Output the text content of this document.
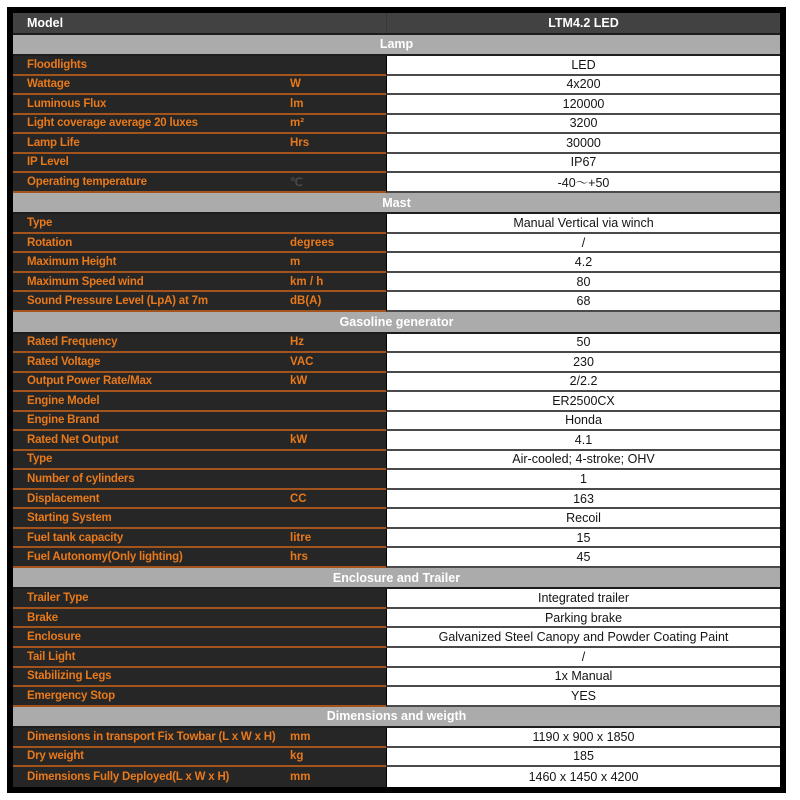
Model	LTM4.2 LED
Lamp
Floodlights	LED
Wattage	W	4x200
Luminous Flux	lm	120000
Light coverage average 20 luxes	m²	3200
Lamp Life	Hrs	30000
IP Level	IP67
Operating temperature	℃	-40～+50
Mast
Type	Manual Vertical via winch
Rotation	degrees	/
Maximum Height	m	4.2
Maximum Speed wind	km / h	80
Sound Pressure Level (LpA) at 7m	dB(A)	68
Gasoline generator
Rated Frequency	Hz	50
Rated Voltage	VAC	230
Output Power Rate/Max	kW	2/2.2
Engine Model	ER2500CX
Engine Brand	Honda
Rated Net Output	kW	4.1
Type	Air-cooled; 4-stroke; OHV
Number of cylinders	1
Displacement	CC	163
Starting System	Recoil
Fuel tank capacity	litre	15
Fuel Autonomy(Only lighting)	hrs	45
Enclosure and Trailer
Trailer Type	Integrated trailer
Brake	Parking brake
Enclosure	Galvanized Steel Canopy and Powder Coating Paint
Tail Light	/
Stabilizing Legs	1x Manual
Emergency Stop	YES
Dimensions and weigth
Dimensions in transport Fix Towbar (L x W x H) mm	1190 x 900 x 1850
Dry weight	kg	185
Dimensions Fully Deployed(L x W x H)	mm	1460 x 1450 x 4200
